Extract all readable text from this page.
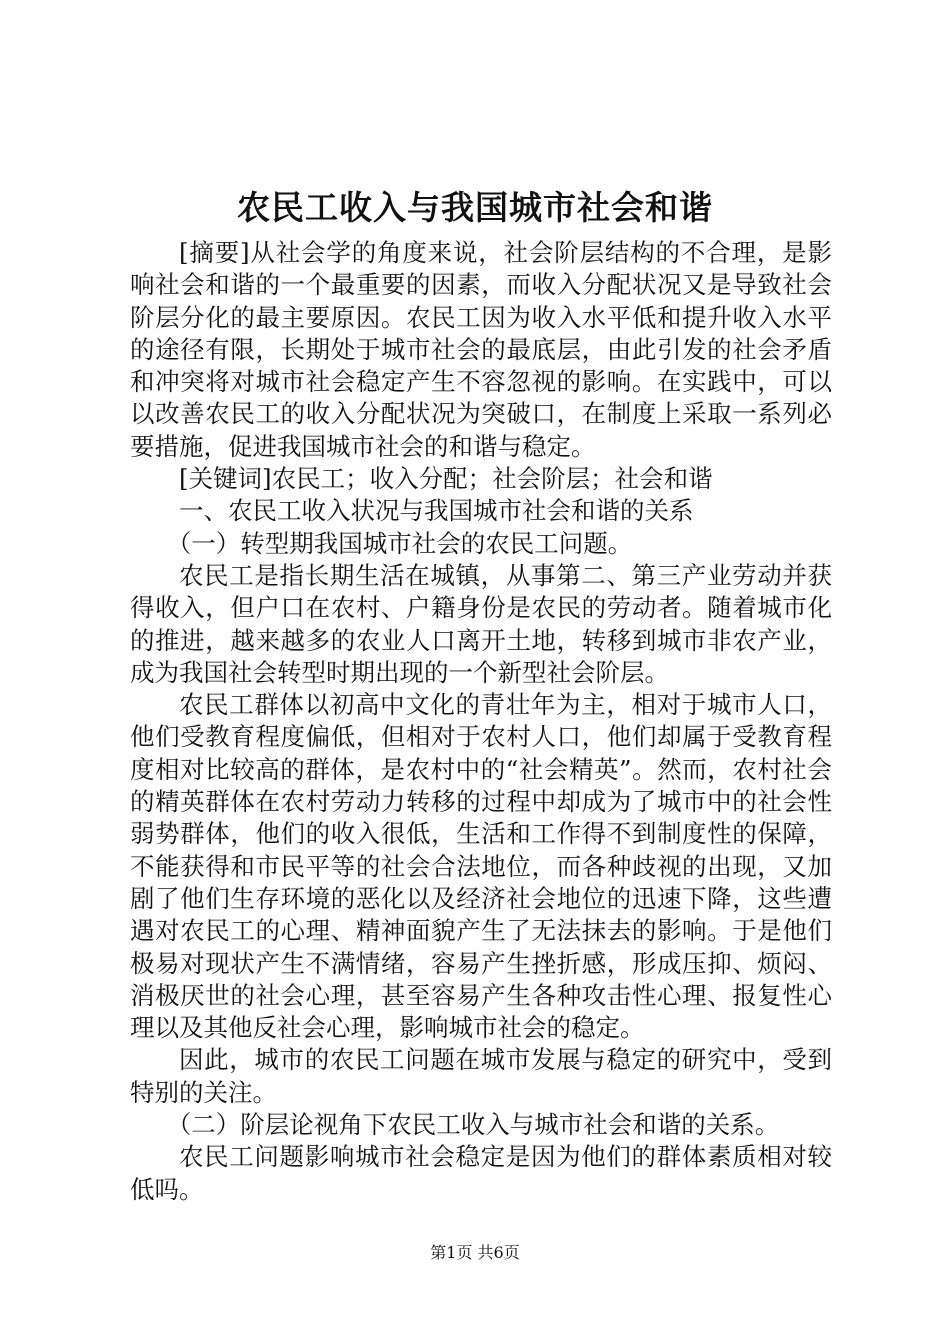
农民工收入与我国城市社会和谐

[摘要]从社会学的角度来说，社会阶层结构的不合理，是影响社会和谐的一个最重要的因素，而收入分配状况又是导致社会阶层分化的最主要原因。农民工因为收入水平低和提升收入水平的途径有限，长期处于城市社会的最底层，由此引发的社会矛盾和冲突将对城市社会稳定产生不容忽视的影响。在实践中，可以以改善农民工的收入分配状况为突破口，在制度上采取一系列必要措施，促进我国城市社会的和谐与稳定。

[关键词]农民工；收入分配；社会阶层；社会和谐

一、农民工收入状况与我国城市社会和谐的关系

（一）转型期我国城市社会的农民工问题。

农民工是指长期生活在城镇，从事第二、第三产业劳动并获得收入，但户口在农村、户籍身份是农民的劳动者。随着城市化的推进，越来越多的农业人口离开土地，转移到城市非农产业，成为我国社会转型时期出现的一个新型社会阶层。

农民工群体以初高中文化的青壮年为主，相对于城市人口，他们受教育程度偏低，但相对于农村人口，他们却属于受教育程度相对比较高的群体，是农村中的“社会精英”。然而，农村社会的精英群体在农村劳动力转移的过程中却成为了城市中的社会性弱势群体，他们的收入很低，生活和工作得不到制度性的保障，不能获得和市民平等的社会合法地位，而各种歧视的出现，又加剧了他们生存环境的恶化以及经济社会地位的迅速下降，这些遭遇对农民工的心理、精神面貌产生了无法抹去的影响。于是他们极易对现状产生不满情绪，容易产生挫折感，形成压抑、烦闷、消极厌世的社会心理，甚至容易产生各种攻击性心理、报复性心理以及其他反社会心理，影响城市社会的稳定。

因此，城市的农民工问题在城市发展与稳定的研究中，受到特别的关注。

（二）阶层论视角下农民工收入与城市社会和谐的关系。

农民工问题影响城市社会稳定是因为他们的群体素质相对较低吗。

第1页 共6页
